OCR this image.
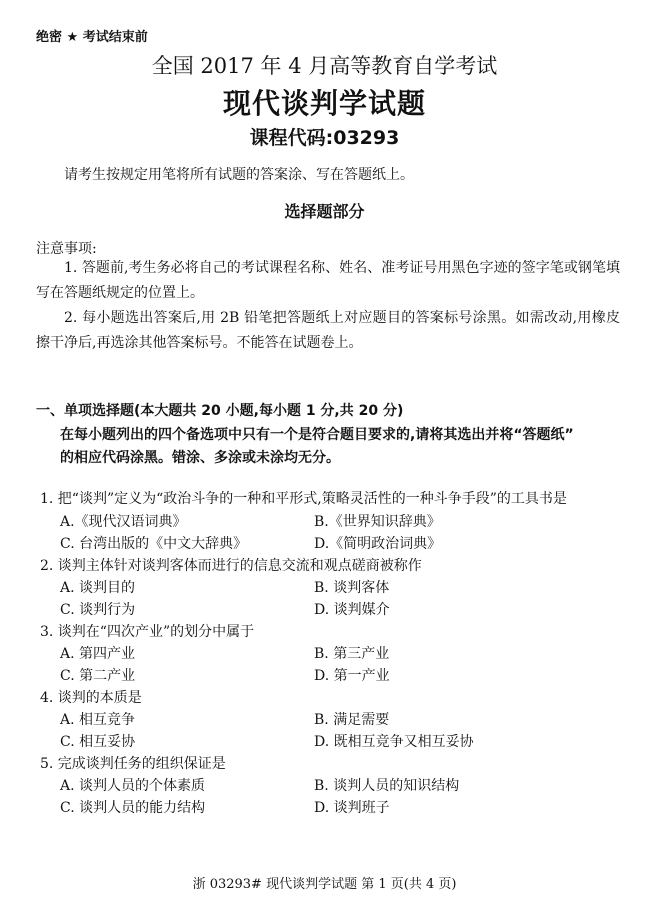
绝密 ★ 考试结束前
全国 2017 年 4 月高等教育自学考试
现代谈判学试题
课程代码:03293
请考生按规定用笔将所有试题的答案涂、写在答题纸上。
选择题部分
注意事项:
1. 答题前,考生务必将自己的考试课程名称、姓名、准考证号用黑色字迹的签字笔或钢笔填写在答题纸规定的位置上。
2. 每小题选出答案后,用 2B 铅笔把答题纸上对应题目的答案标号涂黑。如需改动,用橡皮擦干净后,再选涂其他答案标号。不能答在试题卷上。
一、单项选择题(本大题共 20 小题,每小题 1 分,共 20 分)
在每小题列出的四个备选项中只有一个是符合题目要求的,请将其选出并将“答题纸”
的相应代码涂黑。错涂、多涂或未涂均无分。
1. 把“谈判”定义为“政治斗争的一种和平形式,策略灵活性的一种斗争手段”的工具书是
A.《现代汉语词典》	B.《世界知识辞典》
C. 台湾出版的《中文大辞典》	D.《简明政治词典》
2. 谈判主体针对谈判客体而进行的信息交流和观点磋商被称作
A. 谈判目的	B. 谈判客体
C. 谈判行为	D. 谈判媒介
3. 谈判在“四次产业”的划分中属于
A. 第四产业	B. 第三产业
C. 第二产业	D. 第一产业
4. 谈判的本质是
A. 相互竞争	B. 满足需要
C. 相互妥协	D. 既相互竞争又相互妥协
5. 完成谈判任务的组织保证是
A. 谈判人员的个体素质	B. 谈判人员的知识结构
C. 谈判人员的能力结构	D. 谈判班子
浙 03293# 现代谈判学试题 第 1 页(共 4 页)
